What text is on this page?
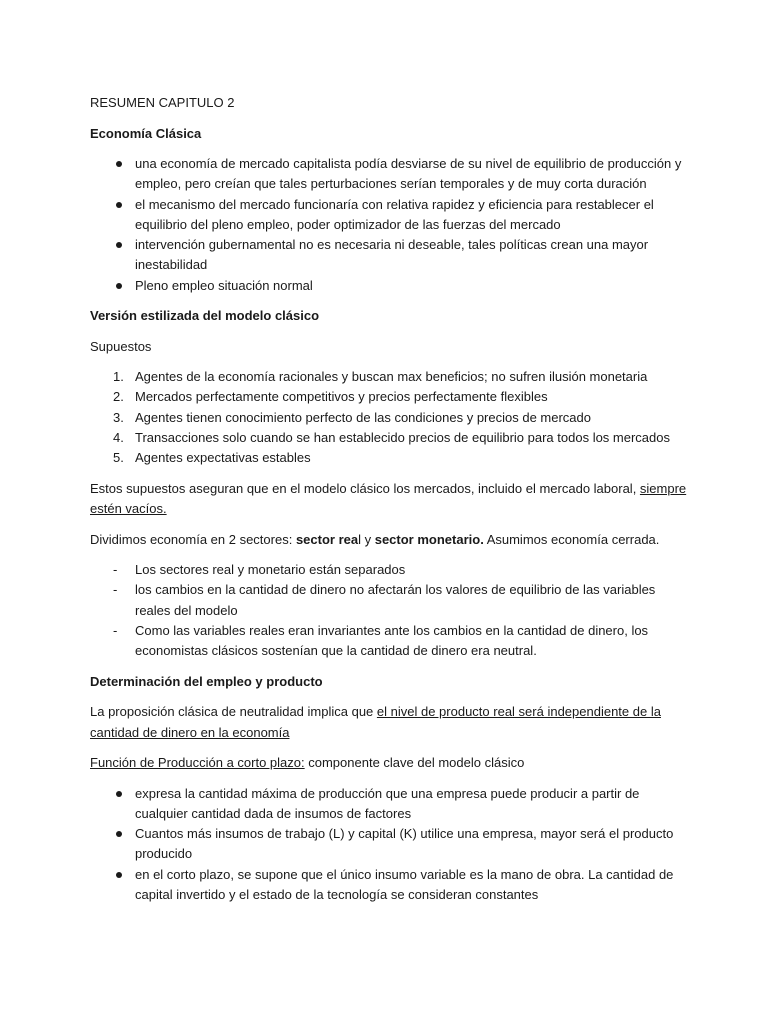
RESUMEN CAPITULO 2

Economía Clásica

una economía de mercado capitalista podía desviarse de su nivel de equilibrio de producción y empleo, pero creían que tales perturbaciones serían temporales y de muy corta duración
el mecanismo del mercado funcionaría con relativa rapidez y eficiencia para restablecer el equilibrio del pleno empleo, poder optimizador de las fuerzas del mercado
intervención gubernamental no es necesaria ni deseable, tales políticas crean una mayor inestabilidad
Pleno empleo situación normal

Versión estilizada del modelo clásico

Supuestos

1. Agentes de la economía racionales y buscan max beneficios; no sufren ilusión monetaria
2. Mercados perfectamente competitivos y precios perfectamente flexibles
3. Agentes tienen conocimiento perfecto de las condiciones y precios de mercado
4. Transacciones solo cuando se han establecido precios de equilibrio para todos los mercados
5. Agentes expectativas estables

Estos supuestos aseguran que en el modelo clásico los mercados, incluido el mercado laboral, siempre estén vacíos.

Dividimos economía en 2 sectores: sector real y sector monetario. Asumimos economía cerrada.

- Los sectores real y monetario están separados
- los cambios en la cantidad de dinero no afectarán los valores de equilibrio de las variables reales del modelo
- Como las variables reales eran invariantes ante los cambios en la cantidad de dinero, los economistas clásicos sostenían que la cantidad de dinero era neutral.

Determinación del empleo y producto

La proposición clásica de neutralidad implica que el nivel de producto real será independiente de la cantidad de dinero en la economía

Función de Producción a corto plazo: componente clave del modelo clásico

expresa la cantidad máxima de producción que una empresa puede producir a partir de cualquier cantidad dada de insumos de factores
Cuantos más insumos de trabajo (L) y capital (K) utilice una empresa, mayor será el producto producido
en el corto plazo, se supone que el único insumo variable es la mano de obra. La cantidad de capital invertido y el estado de la tecnología se consideran constantes
